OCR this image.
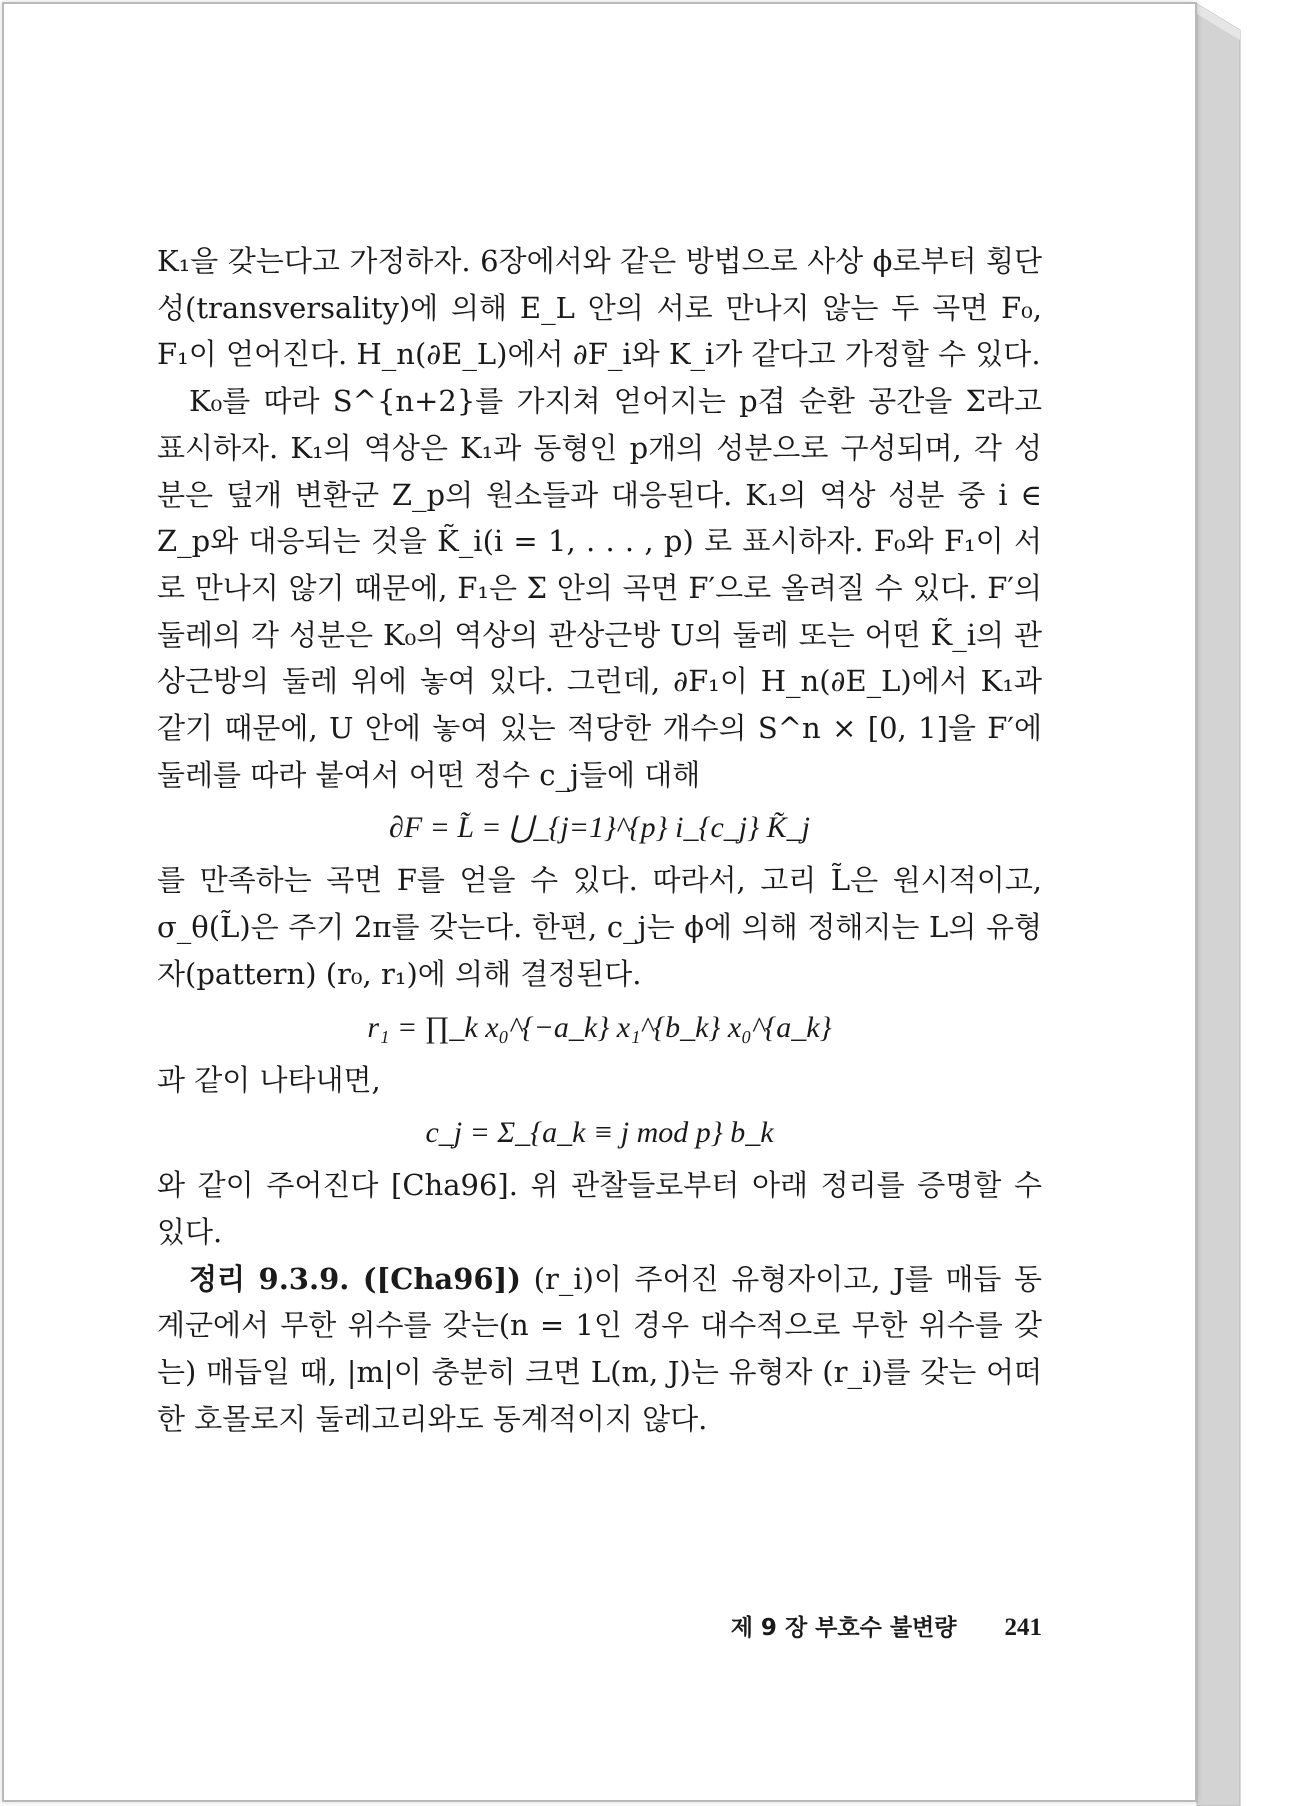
K₁을 갖는다고 가정하자. 6장에서와 같은 방법으로 사상 ϕ로부터 횡단성(transversality)에 의해 E_L 안의 서로 만나지 않는 두 곡면 F₀, F₁이 얻어진다. H_n(∂E_L)에서 ∂F_i와 K_i가 같다고 가정할 수 있다.

K₀를 따라 S^{n+2}를 가지쳐 얻어지는 p겹 순환 공간을 Σ라고 표시하자. K₁의 역상은 K₁과 동형인 p개의 성분으로 구성되며, 각 성분은 덮개 변환군 Z_p의 원소들과 대응된다. K₁의 역상 성분 중 i ∈ Z_p와 대응되는 것을 K̃_i(i = 1, . . . , p) 로 표시하자. F₀와 F₁이 서로 만나지 않기 때문에, F₁은 Σ 안의 곡면 F′으로 올려질 수 있다. F′의 둘레의 각 성분은 K₀의 역상의 관상근방 U의 둘레 또는 어떤 K̃_i의 관상근방의 둘레 위에 놓여 있다. 그런데, ∂F₁이 H_n(∂E_L)에서 K₁과 같기 때문에, U 안에 놓여 있는 적당한 개수의 S^n × [0, 1]을 F′에 둘레를 따라 붙여서 어떤 정수 c_j들에 대해

∂F = L̃ = ⋃_{j=1}^{p} i_{c_j} K̃_j

를 만족하는 곡면 F를 얻을 수 있다. 따라서, 고리 L̃은 원시적이고, σ_θ(L̃)은 주기 2π를 갖는다. 한편, c_j는 ϕ에 의해 정해지는 L의 유형자(pattern) (r₀, r₁)에 의해 결정된다.

r₁ = ∏_k x₀^{−a_k} x₁^{b_k} x₀^{a_k}

과 같이 나타내면,

c_j = Σ_{a_k ≡ j mod p} b_k

와 같이 주어진다 [Cha96]. 위 관찰들로부터 아래 정리를 증명할 수 있다.

정리 9.3.9. ([Cha96]) (r_i)이 주어진 유형자이고, J를 매듭 동계군에서 무한 위수를 갖는(n = 1인 경우 대수적으로 무한 위수를 갖는) 매듭일 때, |m|이 충분히 크면 L(m, J)는 유형자 (r_i)를 갖는 어떠한 호몰로지 둘레고리와도 동계적이지 않다.

제 9 장 부호수 불변량 241
